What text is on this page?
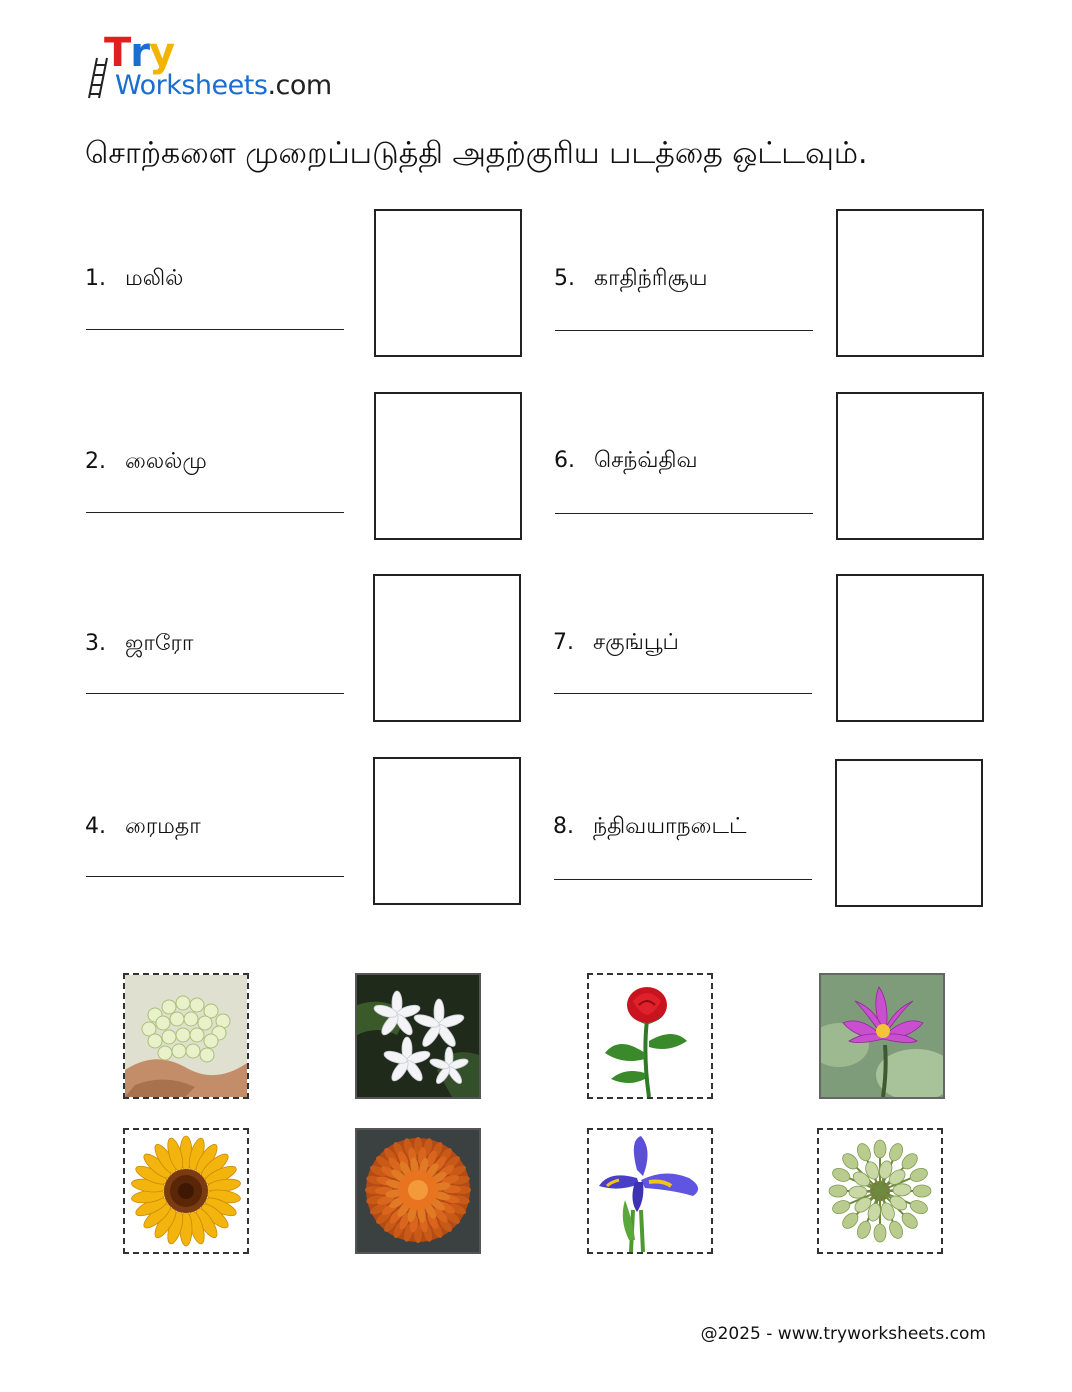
Try
Worksheets.com
சொற்களை முறைப்படுத்தி அதற்குரிய படத்தை ஒட்டவும்.
1. மலில்
2. லைல்மு
3. ஜாரோ
4. ரைமதா
5. காதிந்ரிசூய
6. செந்வ்திவ
7. சகுங்பூப்
8. ந்திவயாநடைட்
@2025 - www.tryworksheets.com
